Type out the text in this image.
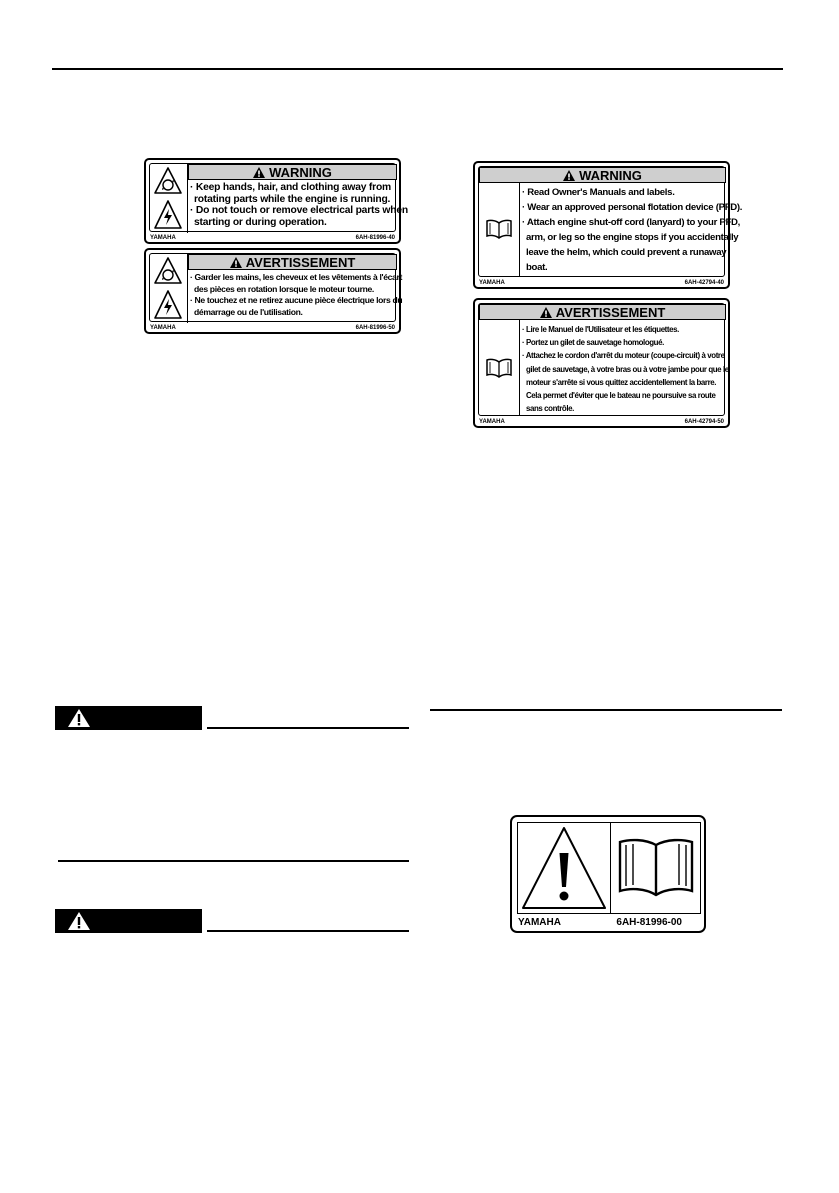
WARNING
· Keep hands, hair, and clothing away from
rotating parts while the engine is running.
· Do not touch or remove electrical parts when
starting or during operation.
YAMAHA	6AH-81996-40
AVERTISSEMENT
· Garder les mains, les cheveux et les vêtements à l'écart
des pièces en rotation lorsque le moteur tourne.
· Ne touchez et ne retirez aucune pièce électrique lors du
démarrage ou de l'utilisation.
YAMAHA	6AH-81996-50
WARNING
· Read Owner's Manuals and labels.
· Wear an approved personal flotation device (PFD).
· Attach engine shut-off cord (lanyard) to your PFD,
arm, or leg so the engine stops if you accidentally
leave the helm, which could prevent a runaway
boat.
YAMAHA	6AH-42794-40
AVERTISSEMENT
· Lire le Manuel de l'Utilisateur et les étiquettes.
· Portez un gilet de sauvetage homologué.
· Attachez le cordon d'arrêt du moteur (coupe-circuit) à votre
gilet de sauvetage, à votre bras ou à votre jambe pour que le
moteur s'arrête si vous quittez accidentellement la barre.
Cela permet d'éviter que le bateau ne poursuive sa route
sans contrôle.
YAMAHA	6AH-42794-50
YAMAHA	6AH-81996-00
